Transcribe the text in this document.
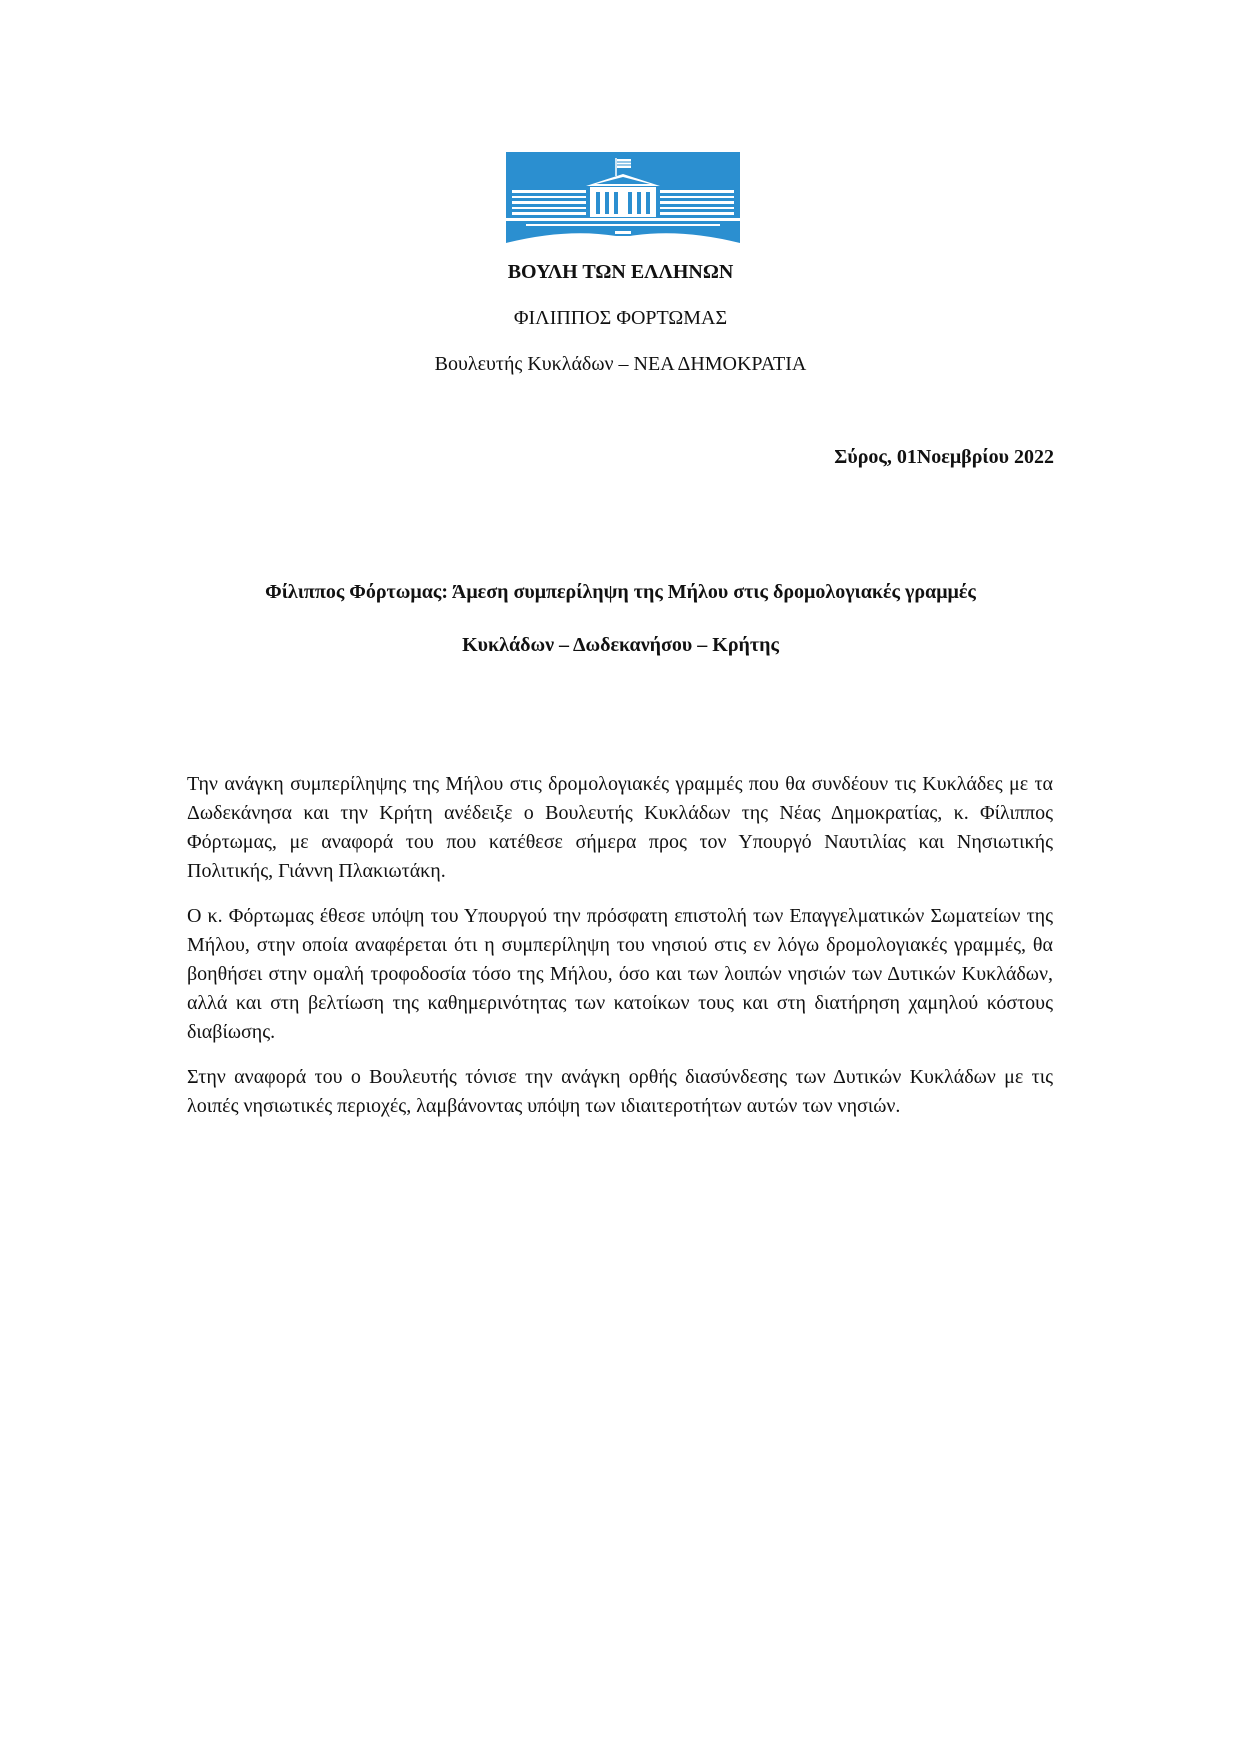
ΒΟΥΛΗ ΤΩΝ ΕΛΛΗΝΩΝ
ΦΙΛΙΠΠΟΣ ΦΟΡΤΩΜΑΣ
Βουλευτής Κυκλάδων – ΝΕΑ ΔΗΜΟΚΡΑΤΙΑ
Σύρος, 01Νοεμβρίου 2022
Φίλιππος Φόρτωμας: Άμεση συμπερίληψη της Μήλου στις δρομολογιακές γραμμές
Κυκλάδων – Δωδεκανήσου – Κρήτης

Την ανάγκη συμπερίληψης της Μήλου στις δρομολογιακές γραμμές που θα συνδέουν τις Κυκλάδες με τα Δωδεκάνησα και την Κρήτη ανέδειξε ο Βουλευτής Κυκλάδων της Νέας Δημοκρατίας, κ. Φίλιππος Φόρτωμας, με αναφορά του που κατέθεσε σήμερα προς τον Υπουργό Ναυτιλίας και Νησιωτικής Πολιτικής, Γιάννη Πλακιωτάκη.

Ο κ. Φόρτωμας έθεσε υπόψη του Υπουργού την πρόσφατη επιστολή των Επαγγελματικών Σωματείων της Μήλου, στην οποία αναφέρεται ότι η συμπερίληψη του νησιού στις εν λόγω δρομολογιακές γραμμές, θα βοηθήσει στην ομαλή τροφοδοσία τόσο της Μήλου, όσο και των λοιπών νησιών των Δυτικών Κυκλάδων, αλλά και στη βελτίωση της καθημερινότητας των κατοίκων τους και στη διατήρηση χαμηλού κόστους διαβίωσης.

Στην αναφορά του ο Βουλευτής τόνισε την ανάγκη ορθής διασύνδεσης των Δυτικών Κυκλάδων με τις λοιπές νησιωτικές περιοχές, λαμβάνοντας υπόψη των ιδιαιτεροτήτων αυτών των νησιών.
